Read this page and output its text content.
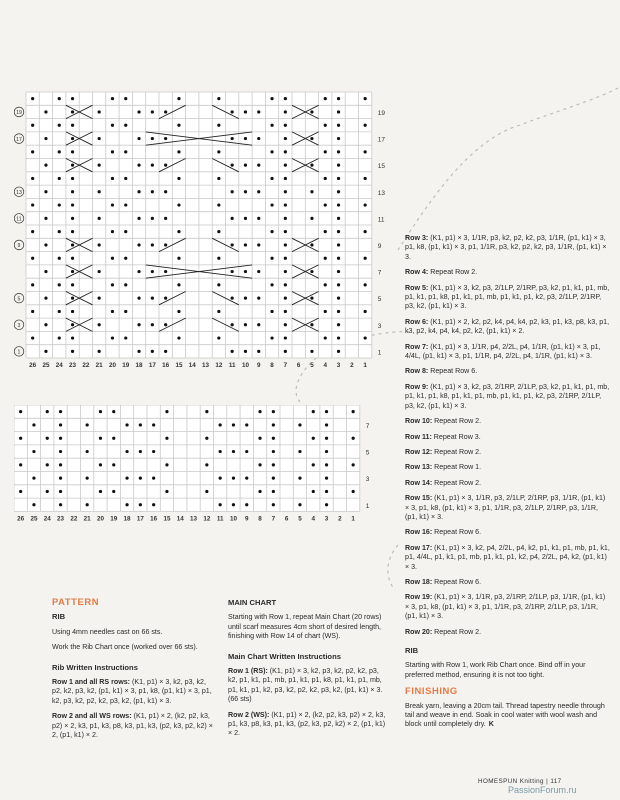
1
3
5
7
9
11
13
15
17
19
1
3
5
9
11
13
17
19
26 25 24 23 22 21 20 19 18 17 16 15 14 13 12 11 10 9 8 7 6 5 4 3 2 1
1
3
5
7
26 25 24 23 22 21 20 19 18 17 16 15 14 13 12 11 10 9 8 7 6 5 4 3 2 1

Row 3: (K1, p1) × 3, 1/1R, p3, k2, p2, k2, p3, 1/1R, (p1, k1) × 3, p1, k8, (p1, k1) × 3, p1, 1/1R, p3, k2, p2, k2, p3, 1/1R, (p1, k1) × 3.

Row 4: Repeat Row 2.

Row 5: (K1, p1) × 3, k2, p3, 2/1LP, 2/1RP, p3, k2, p1, k1, p1, mb, p1, k1, p1, k8, p1, k1, p1, mb, p1, k1, p1, k2, p3, 2/1LP, 2/1RP, p3, k2, (p1, k1) × 3.

Row 6: (K1, p1) × 2, k2, p2, k4, p4, k4, p2, k3, p1, k3, p8, k3, p1, k3, p2, k4, p4, k4, p2, k2, (p1, k1) × 2.

Row 7: (K1, p1) × 3, 1/1R, p4, 2/2L, p4, 1/1R, (p1, k1) × 3, p1, 4/4L, (p1, k1) × 3, p1, 1/1R, p4, 2/2L, p4, 1/1R, (p1, k1) × 3.

Row 8: Repeat Row 6.

Row 9: (K1, p1) × 3, k2, p3, 2/1RP, 2/1LP, p3, k2, p1, k1, p1, mb, p1, k1, p1, k8, p1, k1, p1, mb, p1, k1, p1, k2, p3, 2/1RP, 2/1LP, p3, k2, (p1, k1) × 3.

Row 10: Repeat Row 2.

Row 11: Repeat Row 3.

Row 12: Repeat Row 2.

Row 13: Repeat Row 1.

Row 14: Repeat Row 2.

Row 15: (K1, p1) × 3, 1/1R, p3, 2/1LP, 2/1RP, p3, 1/1R, (p1, k1) × 3, p1, k8, (p1, k1) × 3, p1, 1/1R, p3, 2/1LP, 2/1RP, p3, 1/1R, (p1, k1) × 3.

Row 16: Repeat Row 6.

Row 17: (K1, p1) × 3, k2, p4, 2/2L, p4, k2, p1, k1, p1, mb, p1, k1, p1, 4/4L, p1, k1, p1, mb, p1, k1, p1, k2, p4, 2/2L, p4, k2, (p1, k1) × 3.

Row 18: Repeat Row 6.

Row 19: (K1, p1) × 3, 1/1R, p3, 2/1RP, 2/1LP, p3, 1/1R, (p1, k1) × 3, p1, k8, (p1, k1) × 3, p1, 1/1R, p3, 2/1RP, 2/1LP, p3, 1/1R, (p1, k1) × 3.

Row 20: Repeat Row 2.

RIB

Starting with Row 1, work Rib Chart once. Bind off in your preferred method, ensuring it is not too tight.

FINISHING

Break yarn, leaving a 20cm tail. Thread tapestry needle through tail and weave in end. Soak in cool water with wool wash and block until completely dry. K

PATTERN

RIB

Using 4mm needles cast on 66 sts.

Work the Rib Chart once (worked over 66 sts).

Rib Written Instructions

Row 1 and all RS rows: (K1, p1) × 3, k2, p3, k2, p2, k2, p3, k2, (p1, k1) × 3, p1, k8, (p1, k1) × 3, p1, k2, p3, k2, p2, k2, p3, k2, (p1, k1) × 3.

Row 2 and all WS rows: (K1, p1) × 2, (k2, p2, k3, p2) × 2, k3, p1, k3, p8, k3, p1, k3, (p2, k3, p2, k2) × 2, (p1, k1) × 2.

MAIN CHART

Starting with Row 1, repeat Main Chart (20 rows) until scarf measures 4cm short of desired length, finishing with Row 14 of chart (WS).

Main Chart Written Instructions

Row 1 (RS): (K1, p1) × 3, k2, p3, k2, p2, k2, p3, k2, p1, k1, p1, mb, p1, k1, p1, k8, p1, k1, p1, mb, p1, k1, p1, k2, p3, k2, p2, k2, p3, k2, (p1, k1) × 3. (66 sts)

Row 2 (WS): (K1, p1) × 2, (k2, p2, k3, p2) × 2, k3, p1, k3, p8, k3, p1, k3, (p2, k3, p2, k2) × 2, (p1, k1) × 2.

HOMESPUN Knitting | 117
PassionForum.ru
